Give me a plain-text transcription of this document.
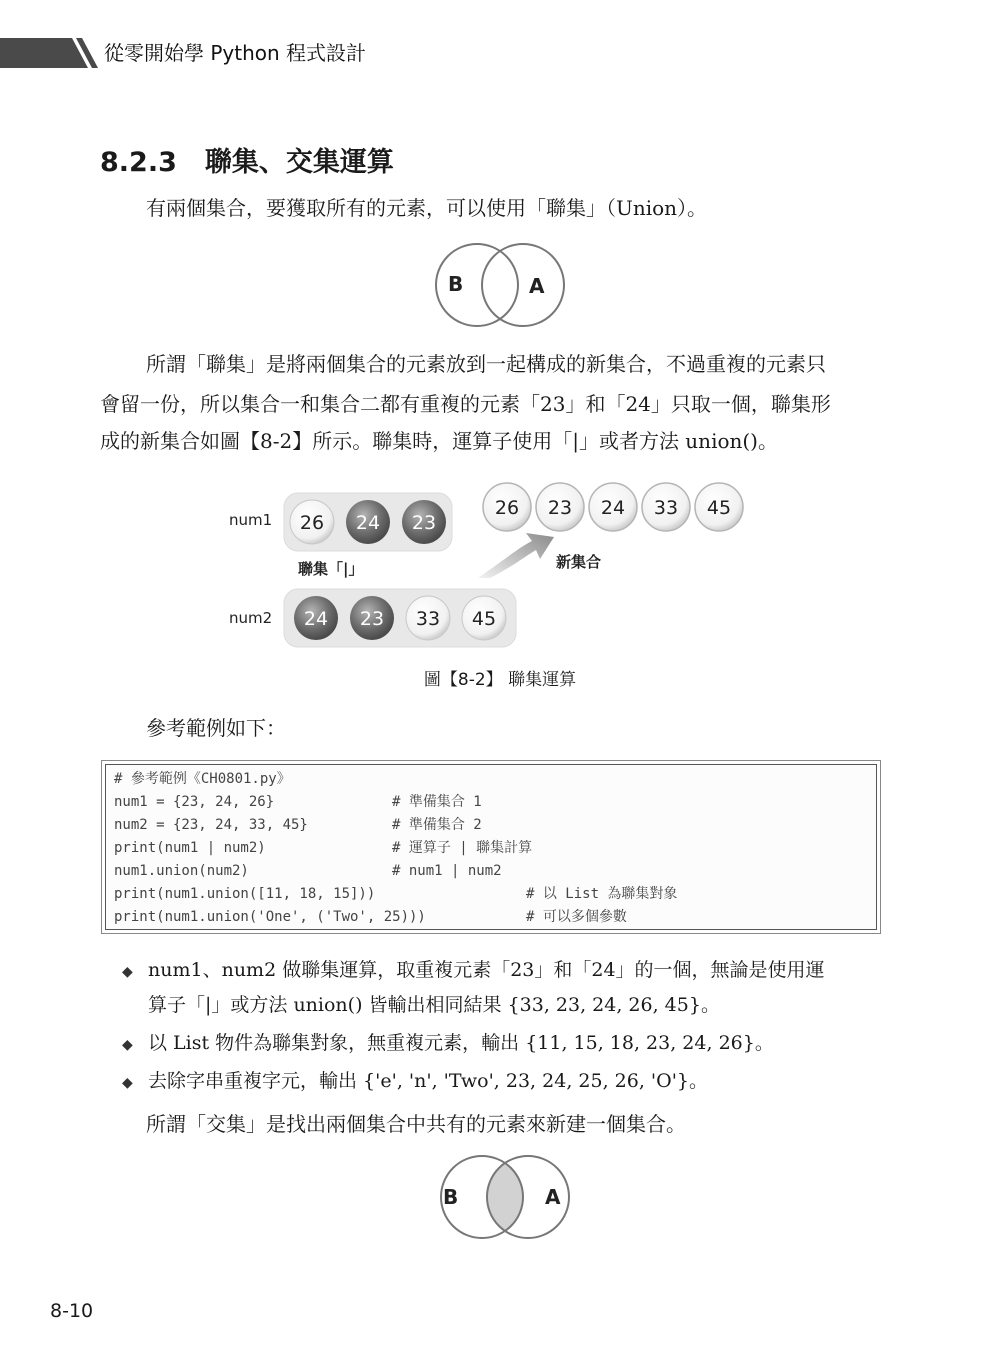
從零開始學 Python 程式設計
8.2.3 聯集、交集運算
有兩個集合，要獲取所有的元素，可以使用「聯集」（Union）。
B	A
所謂「聯集」是將兩個集合的元素放到一起構成的新集合，不過重複的元素只
會留一份，所以集合一和集合二都有重複的元素「23」和「24」只取一個，聯集形
成的新集合如圖【8-2】所示。聯集時，運算子使用「|」或者方法 union()。
num1
num2
聯集「|」	新集合
26 24 23
24 23 33 45
26 23 24 33 45
圖【8-2】 聯集運算
參考範例如下：
# 參考範例《CH0801.py》
num1 = {23, 24, 26}	# 準備集合 1
num2 = {23, 24, 33, 45}	# 準備集合 2
print(num1 | num2)	# 運算子 | 聯集計算
num1.union(num2)	# num1 | num2
print(num1.union([11, 18, 15]))	# 以 List 為聯集對象
print(num1.union('One', ('Two', 25)))	# 可以多個參數
◆ num1、num2 做聯集運算，取重複元素「23」和「24」的一個，無論是使用運
算子「|」或方法 union() 皆輸出相同結果 {33, 23, 24, 26, 45}。
◆ 以 List 物件為聯集對象，無重複元素，輸出 {11, 15, 18, 23, 24, 26}。
◆ 去除字串重複字元，輸出 {'e', 'n', 'Two', 23, 24, 25, 26, 'O'}。
所謂「交集」是找出兩個集合中共有的元素來新建一個集合。
B	A
8-10
